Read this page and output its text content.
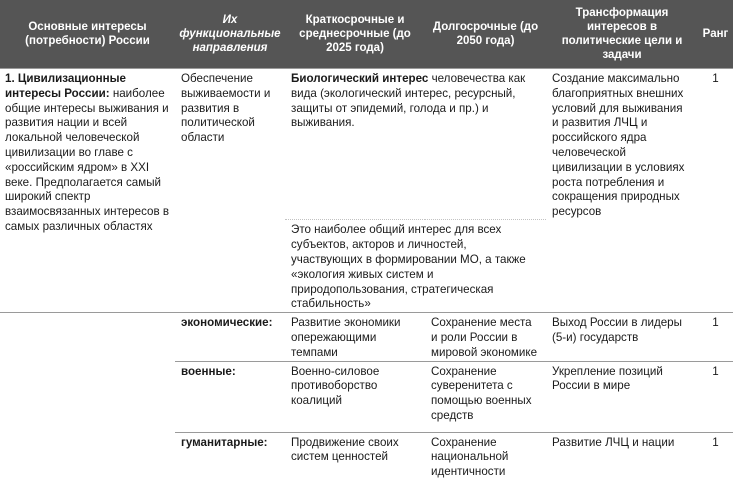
Основные интересы (потребности) России	Их функциональные направления	Краткосрочные и среднесрочные (до 2025 года)	Долгосрочные (до 2050 года)	Трансформация интересов в политические цели и задачи	Ранг
1. Цивилизационные интересы России: наиболее общие интересы выживания и развития нации и всей локальной человеческой цивилизации во главе с «российским ядром» в XXI веке. Предполагается самый широкий спектр взаимосвязанных интересов в самых различных областях	Обеспечение выживаемости и развития в политической области	Биологический интерес человечества как вида (экологический интерес, ресурсный, защиты от эпидемий, голода и пр.) и выживания.		Создание максимально благоприятных внешних условий для выживания и развития ЛЧЦ и российского ядра человеческой цивилизации в условиях роста потребления и сокращения природных ресурсов	1
		Это наиболее общий интерес для всех субъектов, акторов и личностей, участвующих в формировании МО, а также «экология живых систем и природопользования, стратегическая стабильность»			
	экономические:	Развитие экономики опережающими темпами	Сохранение места и роли России в мировой экономике	Выход России в лидеры (5-и) государств	1
	военные:	Военно-силовое противоборство коалиций	Сохранение суверенитета с помощью военных средств	Укрепление позиций России в мире	1
	гуманитарные:	Продвижение своих систем ценностей	Сохранение национальной идентичности	Развитие ЛЧЦ и нации	1
